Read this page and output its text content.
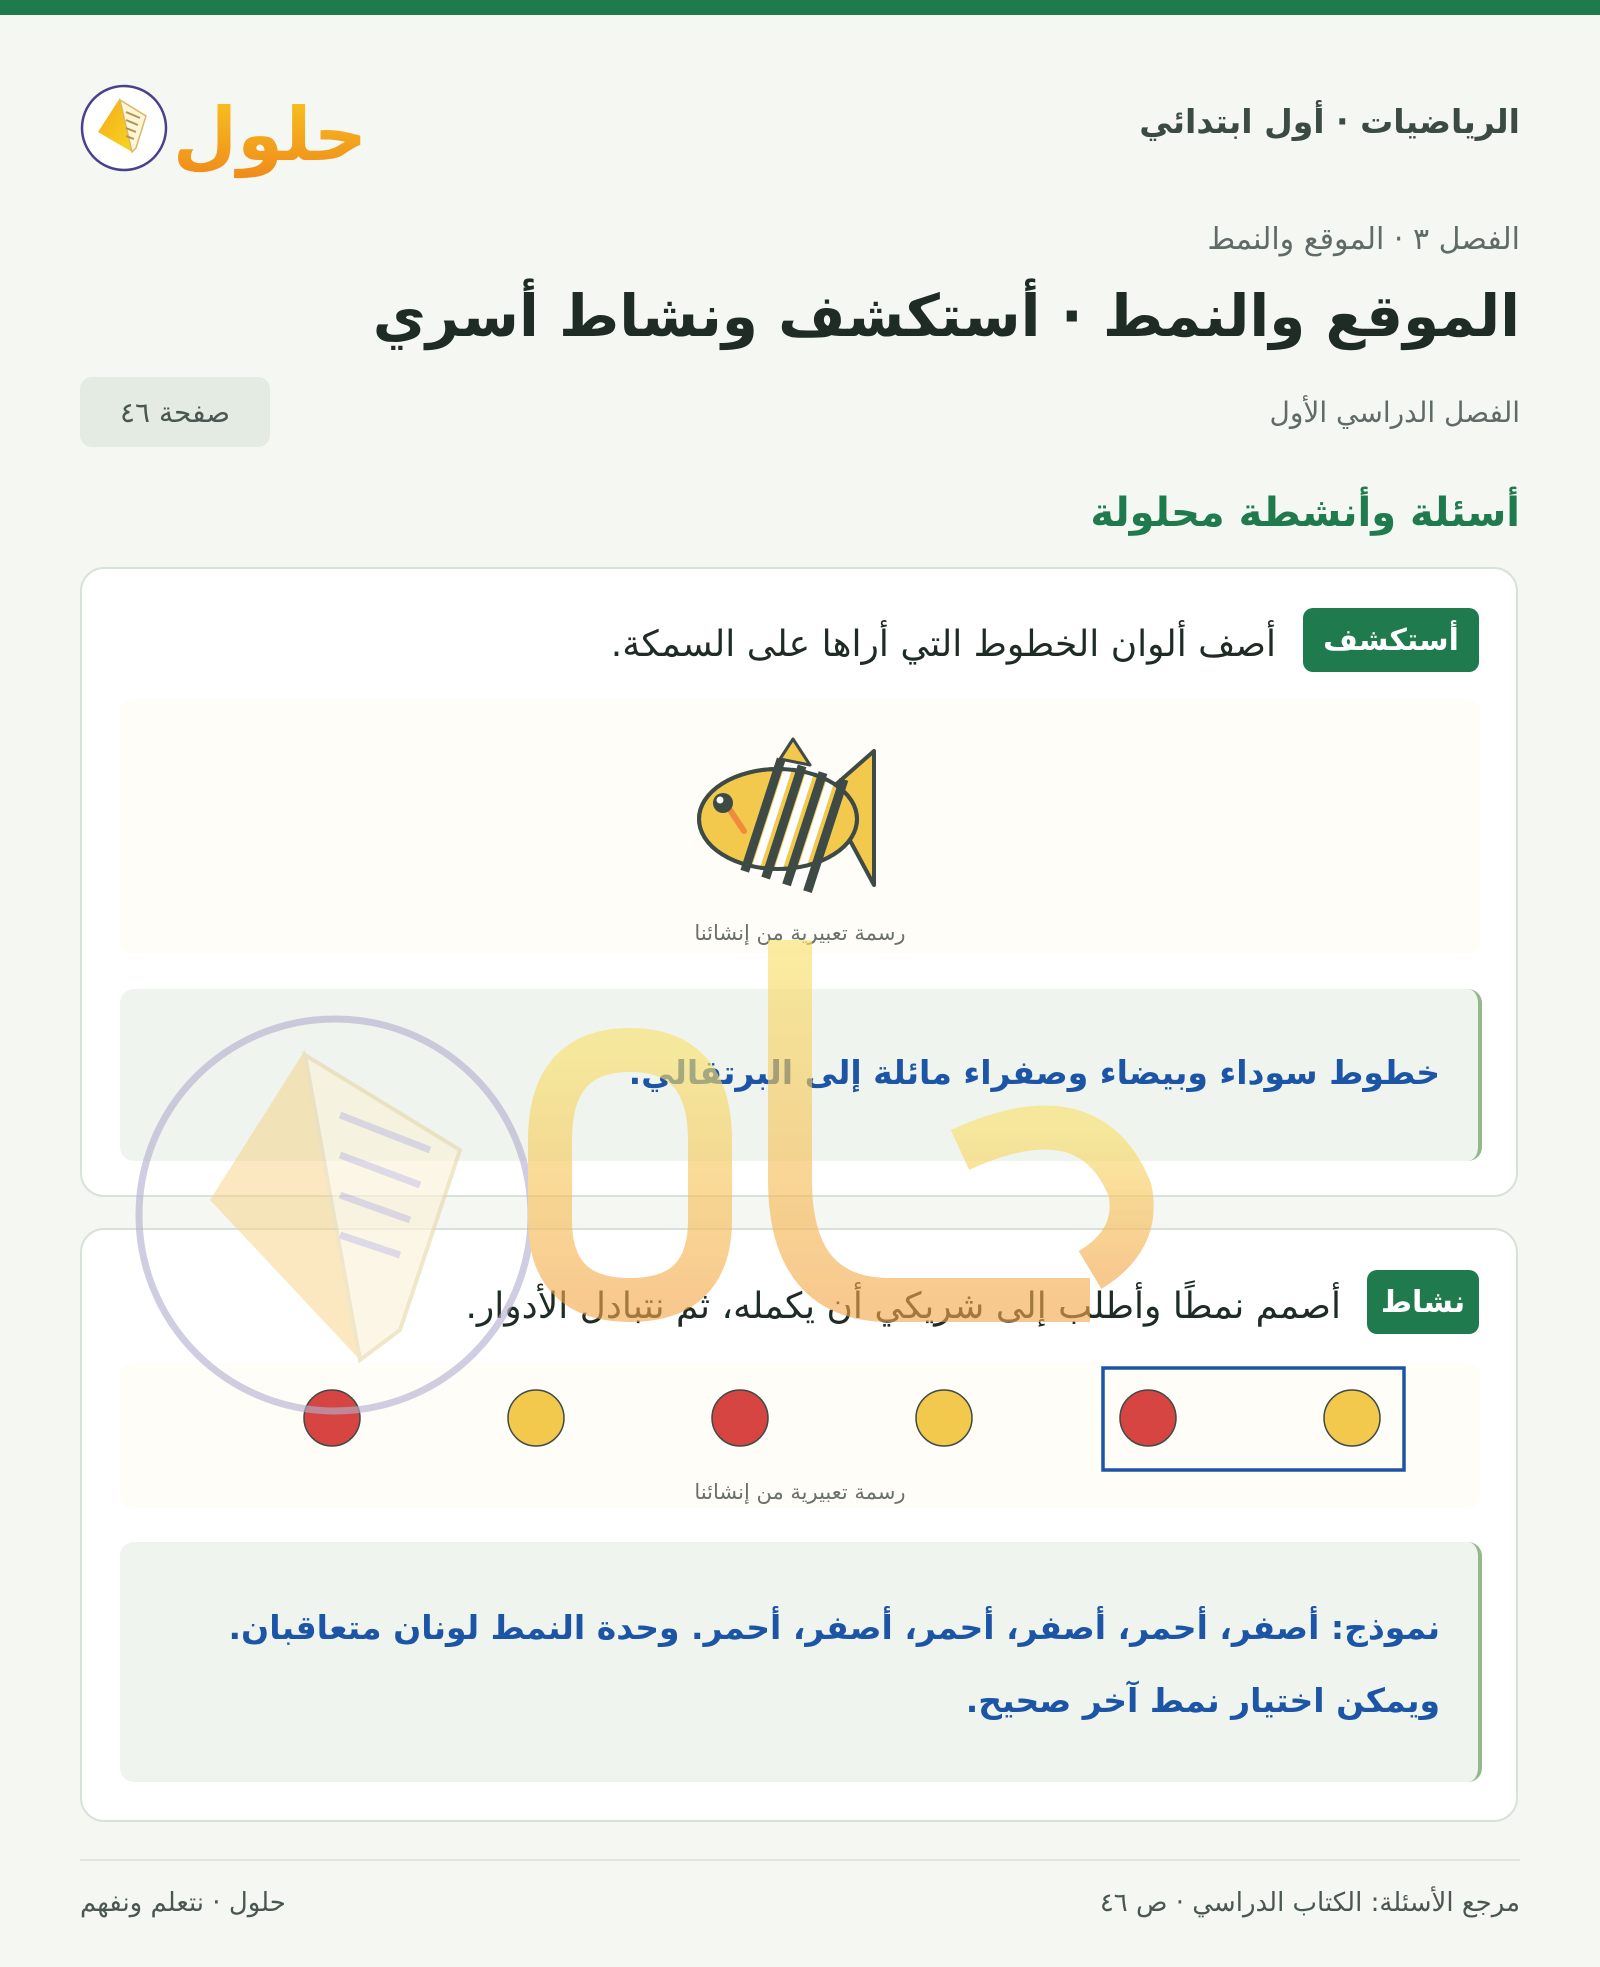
الرياضيات · أول ابتدائي
حلول
الفصل ٣ · الموقع والنمط
الموقع والنمط · أستكشف ونشاط أسري
الفصل الدراسي الأول
صفحة ٤٦
أسئلة وأنشطة محلولة
أستكشف
أصف ألوان الخطوط التي أراها على السمكة.
رسمة تعبيرية من إنشائنا
خطوط سوداء وبيضاء وصفراء مائلة إلى البرتقالي.
نشاط
أصمم نمطًا وأطلب إلى شريكي أن يكمله، ثم نتبادل الأدوار.
رسمة تعبيرية من إنشائنا
نموذج: أصفر، أحمر، أصفر، أحمر، أصفر، أحمر. وحدة النمط لونان متعاقبان.
ويمكن اختيار نمط آخر صحيح.
مرجع الأسئلة: الكتاب الدراسي · ص ٤٦
حلول · نتعلم ونفهم
